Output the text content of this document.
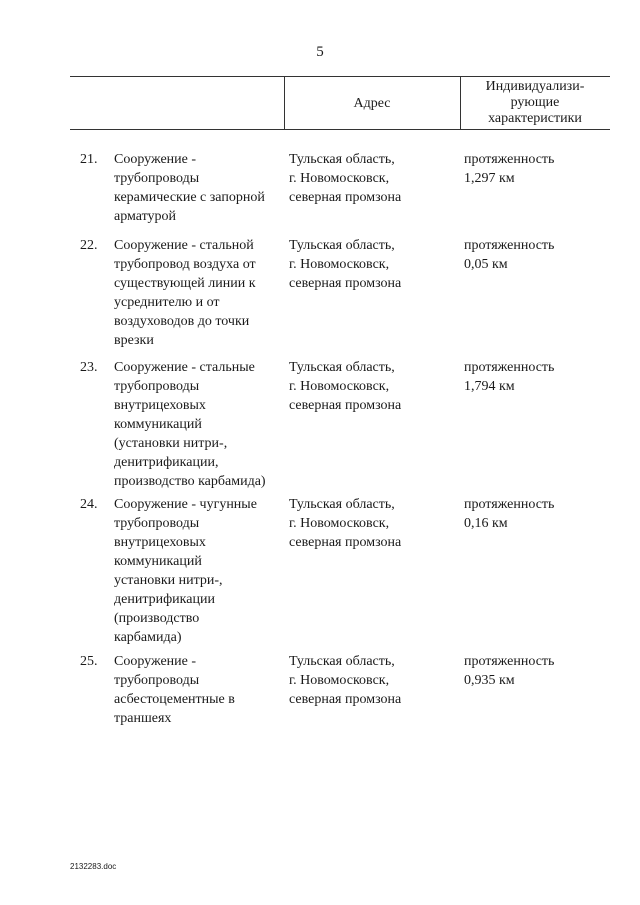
5
Адрес
Индивидуализи-
рующие
характеристики
21. Сооружение -
трубопроводы
керамические с запорной
арматурой
Тульская область,
г. Новомосковск,
северная промзона
протяженность
1,297 км
22. Сооружение - стальной
трубопровод воздуха от
существующей линии к
усреднителю и от
воздуховодов до точки
врезки
Тульская область,
г. Новомосковск,
северная промзона
протяженность
0,05 км
23. Сооружение - стальные
трубопроводы
внутрицеховых
коммуникаций
(установки нитри-,
денитрификации,
производство карбамида)
Тульская область,
г. Новомосковск,
северная промзона
протяженность
1,794 км
24. Сооружение - чугунные
трубопроводы
внутрицеховых
коммуникаций
установки нитри-,
денитрификации
(производство
карбамида)
Тульская область,
г. Новомосковск,
северная промзона
протяженность
0,16 км
25. Сооружение -
трубопроводы
асбестоцементные в
траншеях
Тульская область,
г. Новомосковск,
северная промзона
протяженность
0,935 км
2132283.doc
